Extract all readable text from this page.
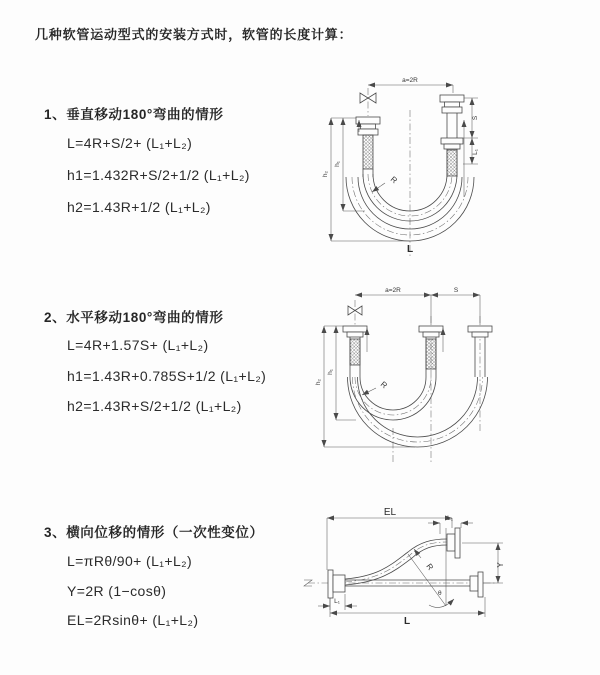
几种软管运动型式的安装方式时，软管的长度计算：
1、垂直移动180°弯曲的情形
L=4R+S/2+ (L₁+L₂)
h1=1.432R+S/2+1/2 (L₁+L₂)
h2=1.43R+1/2 (L₁+L₂)
2、水平移动180°弯曲的情形
L=4R+1.57S+ (L₁+L₂)
h1=1.43R+0.785S+1/2 (L₁+L₂)
h2=1.43R+S/2+1/2 (L₁+L₂)
3、横向位移的情形（一次性变位）
L=πRθ/90+ (L₁+L₂)
Y=2R (1−cosθ)
EL=2Rsinθ+ (L₁+L₂)
a=2R
h₂
h₁
S
L₁
R
L
a=2R	S
h₂
h₁
R
EL
L₁
θ
R	Y
L₁
L
